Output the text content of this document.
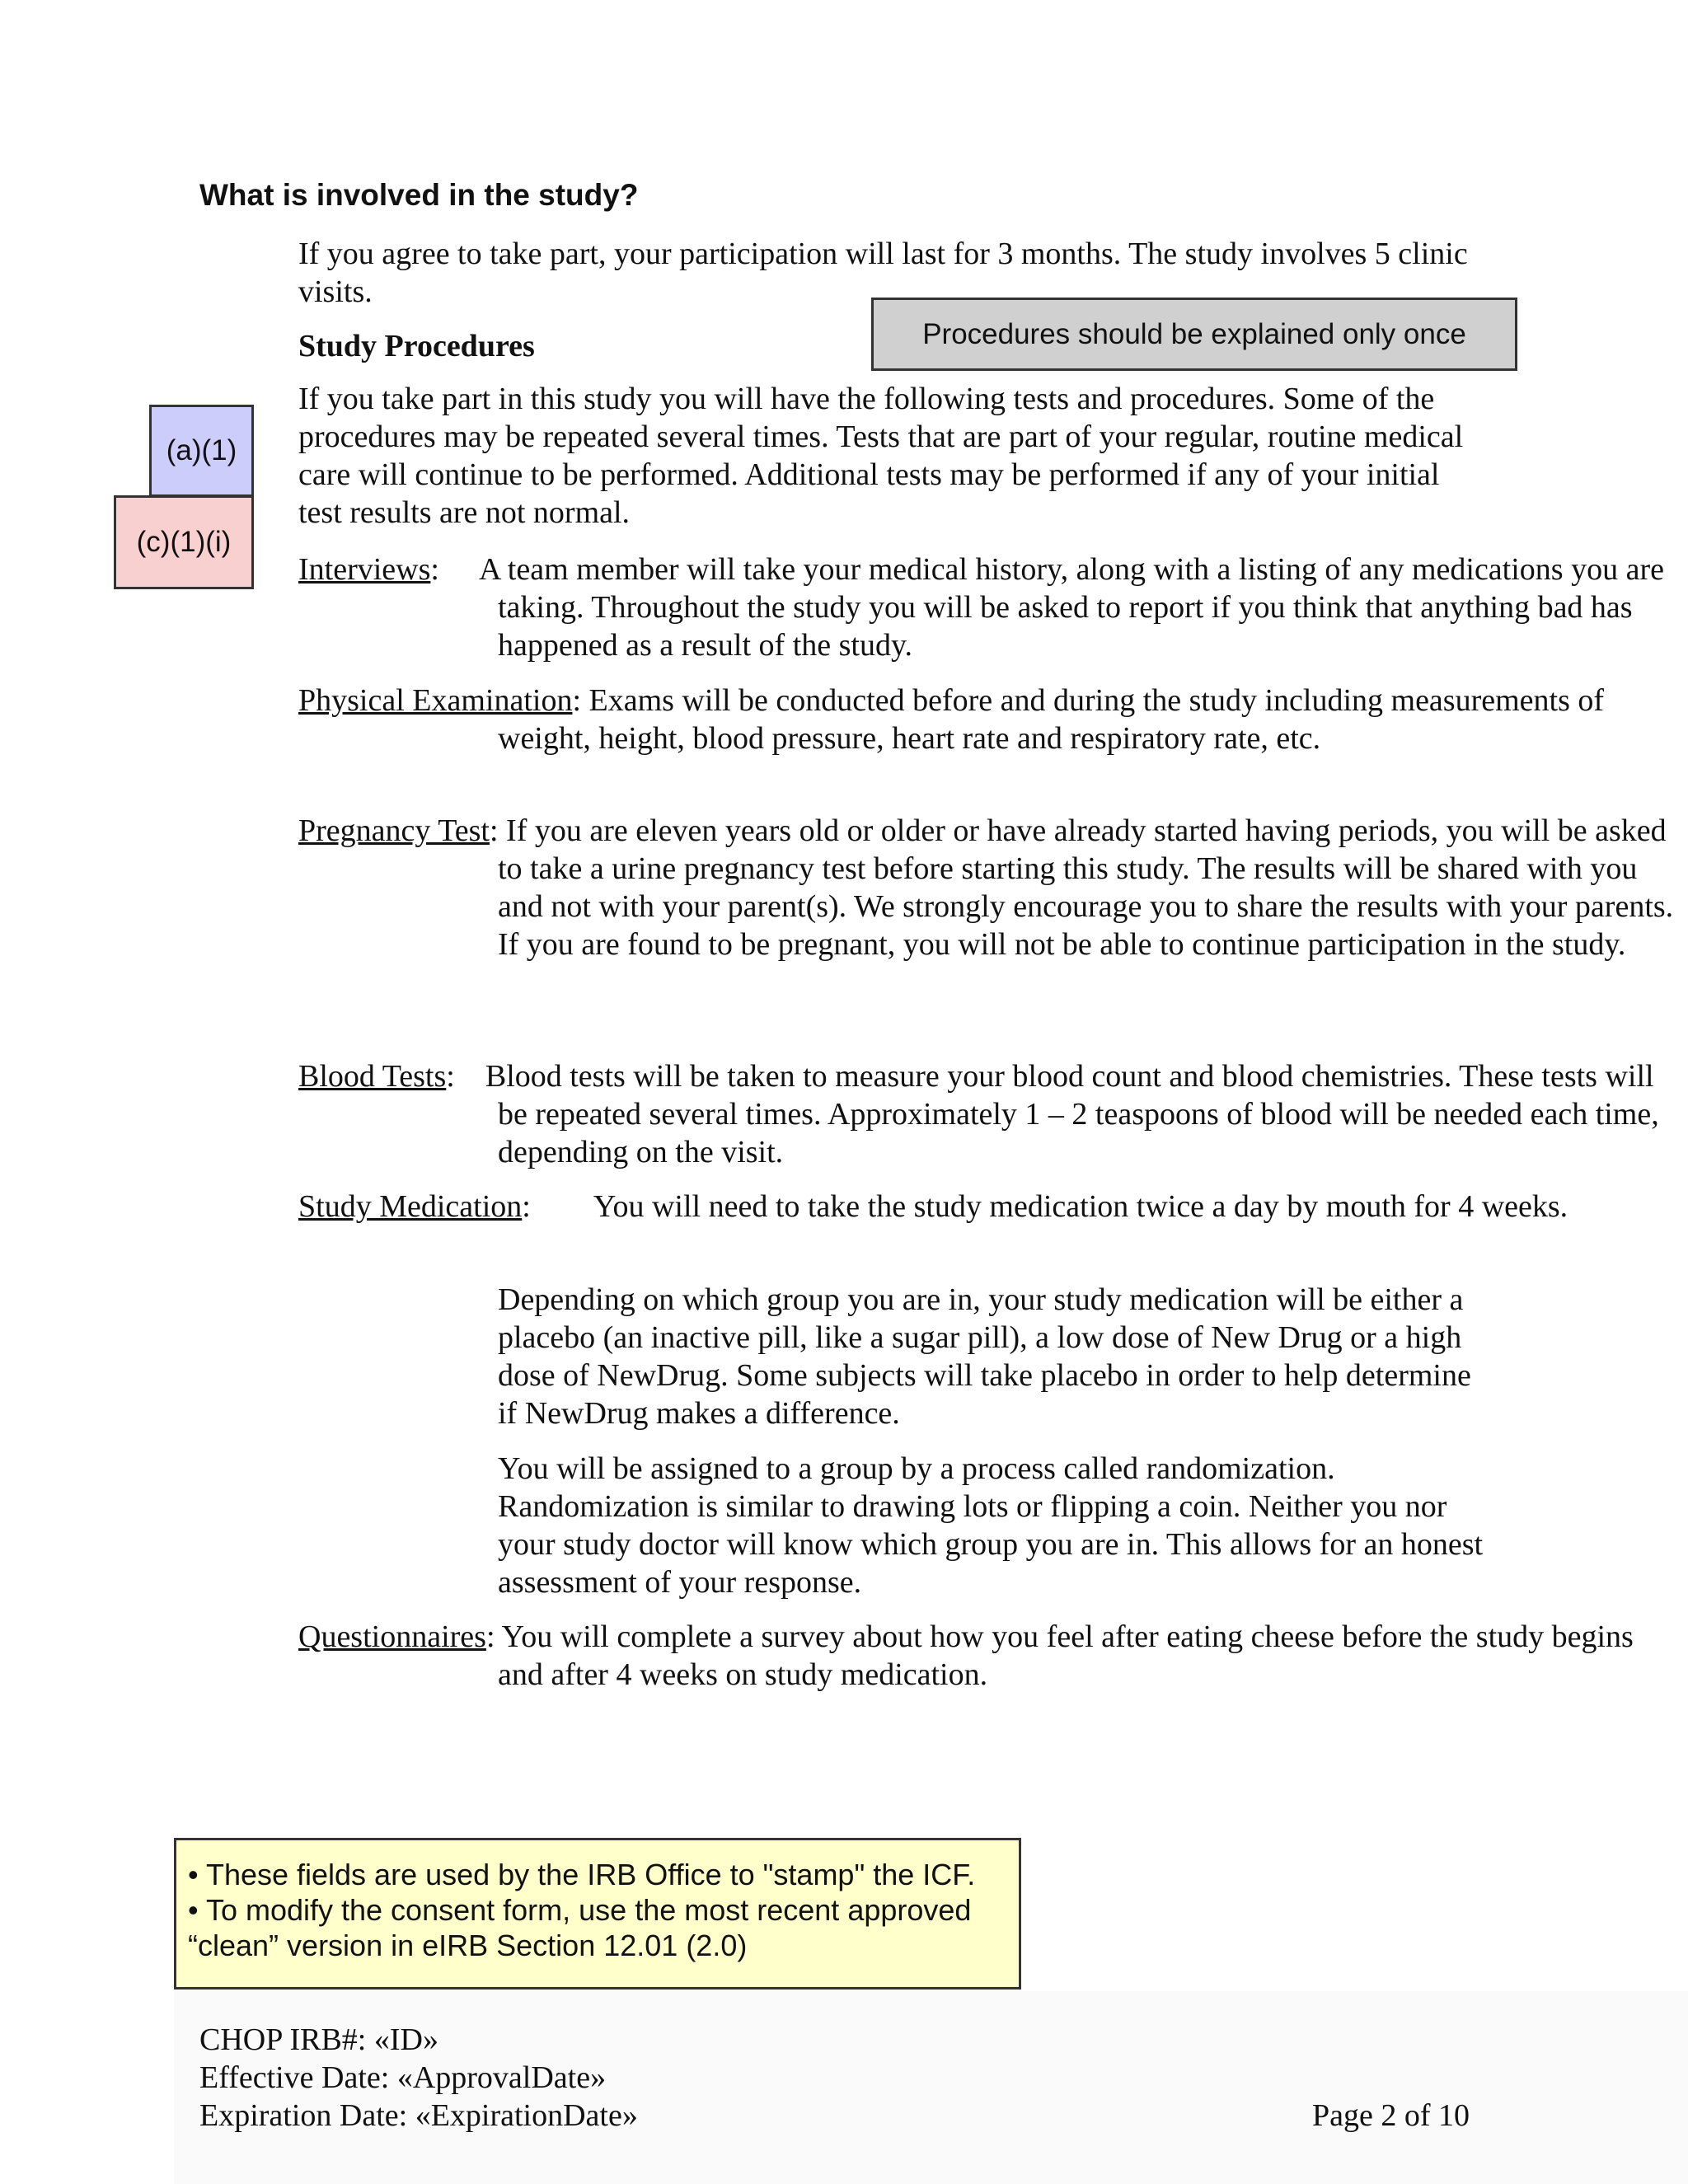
What is involved in the study?

If you agree to take part, your participation will last for 3 months. The study involves 5 clinic visits.

Study Procedures	Procedures should be explained only once
(a)(1)
(c)(1)(i)

If you take part in this study you will have the following tests and procedures. Some of the procedures may be repeated several times. Tests that are part of your regular, routine medical care will continue to be performed. Additional tests may be performed if any of your initial test results are not normal.

Interviews: A team member will take your medical history, along with a listing of any medications you are taking. Throughout the study you will be asked to report if you think that anything bad has happened as a result of the study.

Physical Examination: Exams will be conducted before and during the study including measurements of weight, height, blood pressure, heart rate and respiratory rate, etc.

Pregnancy Test: If you are eleven years old or older or have already started having periods, you will be asked to take a urine pregnancy test before starting this study. The results will be shared with you and not with your parent(s). We strongly encourage you to share the results with your parents. If you are found to be pregnant, you will not be able to continue participation in the study.

Blood Tests: Blood tests will be taken to measure your blood count and blood chemistries. These tests will be repeated several times. Approximately 1 – 2 teaspoons of blood will be needed each time, depending on the visit.

Study Medication: You will need to take the study medication twice a day by mouth for 4 weeks.

Depending on which group you are in, your study medication will be either a placebo (an inactive pill, like a sugar pill), a low dose of New Drug or a high dose of NewDrug. Some subjects will take placebo in order to help determine if NewDrug makes a difference.

You will be assigned to a group by a process called randomization. Randomization is similar to drawing lots or flipping a coin. Neither you nor your study doctor will know which group you are in. This allows for an honest assessment of your response.

Questionnaires: You will complete a survey about how you feel after eating cheese before the study begins and after 4 weeks on study medication.

• These fields are used by the IRB Office to "stamp" the ICF.
• To modify the consent form, use the most recent approved “clean” version in eIRB Section 12.01 (2.0)
CHOP IRB#: «ID»
Effective Date: «ApprovalDate»
Expiration Date: «ExpirationDate»	Page 2 of 10
